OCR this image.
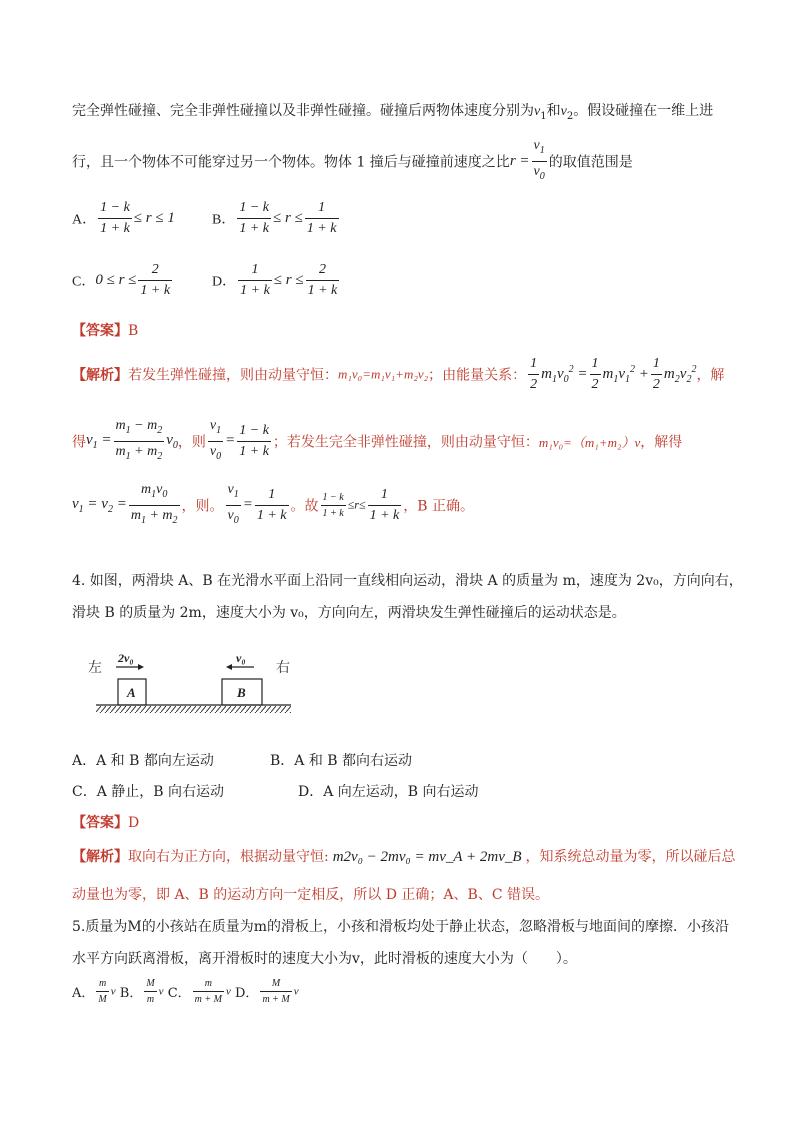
完全弹性碰撞、完全非弹性碰撞以及非弹性碰撞。碰撞后两物体速度分别为$v_1$和$v_2$。假设碰撞在一维上进
行，且一个物体不可能穿过另一个物体。物体 1 撞后与碰撞前速度之比$r = \frac{v_1}{v_0}$ 的取值范围是
A． $\frac{1 - k}{1 + k} \le r \le 1$	B． $\frac{1 - k}{1 + k} \le r \le \frac{1}{1 + k}$
C．$0 \le r \le \frac{2}{1 + k}$	D． $\frac{1}{1 + k} \le r \le \frac{2}{1 + k}$
【答案】B
【解析】若发生弹性碰撞，则由动量守恒：m₁v₀=m₁v₁+m₂v₂；由能量关系： $\frac{1}{2} m_1v_0^2 = \frac{1}{2} m_1v_1^2 + \frac{1}{2} m_2v_2^2$，解
得$v_1 = \frac{m_1 - m_2}{m_1 + m_2} v_0$，则 $\frac{v_1}{v_0} = \frac{1 - k}{1 + k}$ ；若发生完全非弹性碰撞，则由动量守恒：m₁v₀=（m₁+m₂）v，解得
$v_1 = v_2 = \frac{m_1v_0}{m_1 + m_2}$ ，则。 $\frac{v_1}{v_0} = \frac{1}{1 + k}$ 。故 $\frac{1 - k}{1 + k} \le r\le \frac{1}{1 + k}$ ，B 正确。
4. 如图，两滑块 A、B 在光滑水平面上沿同一直线相向运动，滑块 A 的质量为 m，速度为 2v₀，方向向右，
滑块 B 的质量为 2m，速度大小为 v₀，方向向左，两滑块发生弹性碰撞后的运动状态是。
左	右
2v₀	v₀
A	B
A．A 和 B 都向左运动	B．A 和 B 都向右运动
C．A 静止，B 向右运动	D．A 向左运动，B 向右运动
【答案】D
【解析】取向右为正方向，根据动量守恒: m2v₀ − 2mv₀ = mv_A + 2mv_B ，知系统总动量为零，所以碰后总
动量也为零，即 A、B 的运动方向一定相反，所以 D 正确；A、B、C 错误。
5.质量为M的小孩站在质量为m的滑板上，小孩和滑板均处于静止状态，忽略滑板与地面间的摩擦．小孩沿
水平方向跃离滑板，离开滑板时的速度大小为v，此时滑板的速度大小为（　　）。
A． $\frac{m}{M}$ v B． $\frac{M}{m}$ v C． $\frac{m}{m + M}$ v D． $\frac{M}{m + M}$ v
